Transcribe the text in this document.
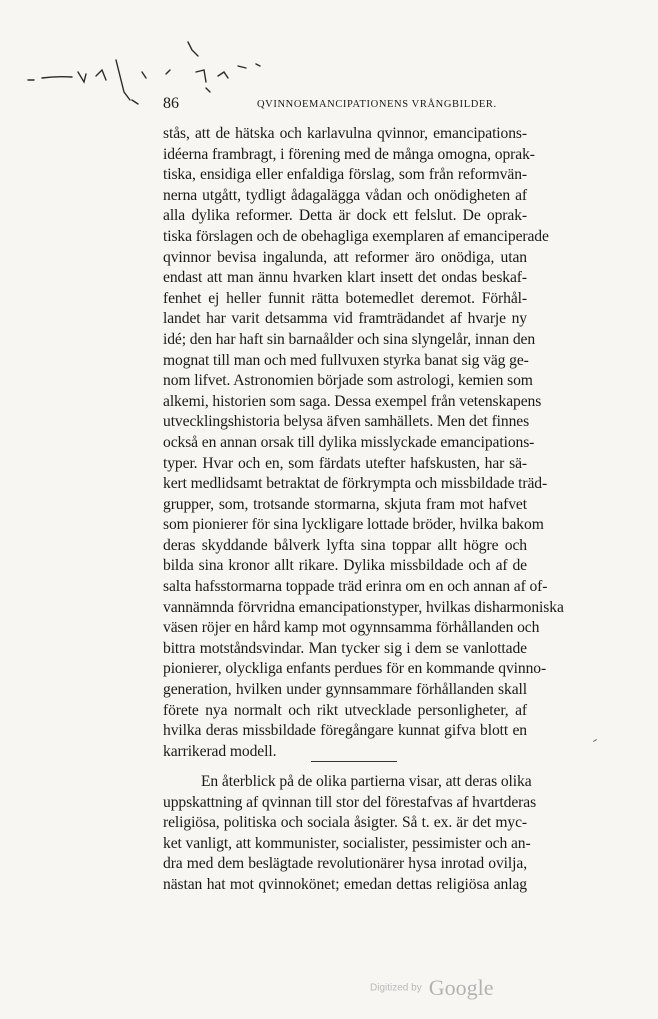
86	QVINNOEMANCIPATIONENS VRÅNGBILDER.
stås, att de hätska och karlavulna qvinnor, emancipations-
idéerna frambragt, i förening med de många omogna, oprak-
tiska, ensidiga eller enfaldiga förslag, som från reformvän-
nerna utgått, tydligt ådagalägga vådan och onödigheten af
alla dylika reformer. Detta är dock ett felslut. De oprak-
tiska förslagen och de obehagliga exemplaren af emanciperade
qvinnor bevisa ingalunda, att reformer äro onödiga, utan
endast att man ännu hvarken klart insett det ondas beskaf-
fenhet ej heller funnit rätta botemedlet deremot. Förhål-
landet har varit detsamma vid framträdandet af hvarje ny
idé; den har haft sin barnaålder och sina slyngelår, innan den
mognat till man och med fullvuxen styrka banat sig väg ge-
nom lifvet. Astronomien började som astrologi, kemien som
alkemi, historien som saga. Dessa exempel från vetenskapens
utvecklingshistoria belysa äfven samhällets. Men det finnes
också en annan orsak till dylika misslyckade emancipations-
typer. Hvar och en, som färdats utefter hafskusten, har sä-
kert medlidsamt betraktat de förkrympta och missbildade träd-
grupper, som, trotsande stormarna, skjuta fram mot hafvet
som pionierer för sina lyckligare lottade bröder, hvilka bakom
deras skyddande bålverk lyfta sina toppar allt högre och
bilda sina kronor allt rikare. Dylika missbildade och af de
salta hafsstormarna toppade träd erinra om en och annan af of-
vannämnda förvridna emancipationstyper, hvilkas disharmoniska
väsen röjer en hård kamp mot ogynnsamma förhållanden och
bittra motståndsvindar. Man tycker sig i dem se vanlottade
pionierer, olyckliga enfants perdues för en kommande qvinno-
generation, hvilken under gynnsammare förhållanden skall
förete nya normalt och rikt utvecklade personligheter, af
hvilka deras missbildade föregångare kunnat gifva blott en
karrikerad modell.
En återblick på de olika partierna visar, att deras olika
uppskattning af qvinnan till stor del förestafvas af hvartderas
religiösa, politiska och sociala åsigter. Så t. ex. är det myc-
ket vanligt, att kommunister, socialister, pessimister och an-
dra med dem beslägtade revolutionärer hysa inrotad ovilja,
nästan hat mot qvinnokönet; emedan dettas religiösa anlag
Digitized by Google
